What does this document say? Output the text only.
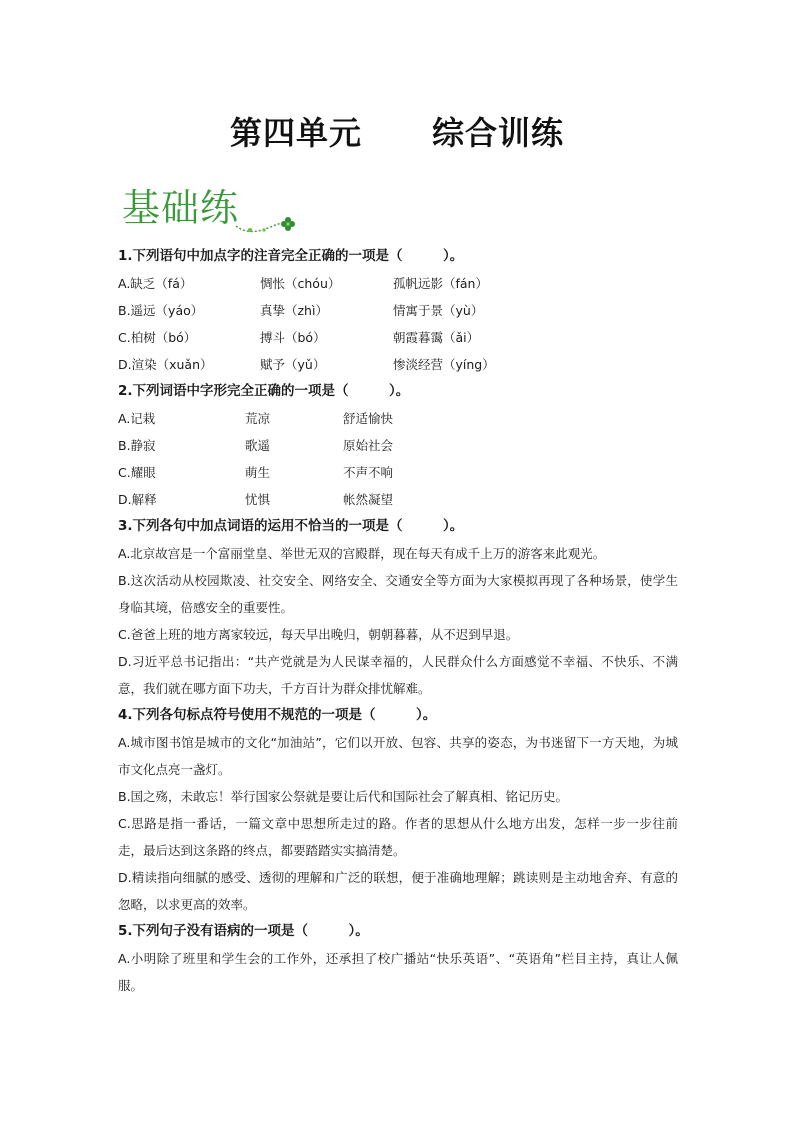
第四单元 综合训练
基础练
1.下列语句中加点字的注音完全正确的一项是（　　　）。
A.缺乏（fá）	惆怅（chóu）	孤帆远影（fán）
B.遥远（yáo）	真挚（zhì）	情寓于景（yù）
C.柏树（bó）	搏斗（bó）	朝霞暮霭（ǎi）
D.渲染（xuǎn）	赋予（yǔ）	惨淡经营（yíng）
2.下列词语中字形完全正确的一项是（　　　）。
A.记栽	荒凉	舒适愉快
B.静寂	歌遥	原始社会
C.耀眼	萌生	不声不响
D.解释	忧惧	帐然凝望
3.下列各句中加点词语的运用不恰当的一项是（　　　）。
A.北京故宫是一个富丽堂皇、举世无双的宫殿群，现在每天有成千上万的游客来此观光。
B.这次活动从校园欺凌、社交安全、网络安全、交通安全等方面为大家模拟再现了各种场景，使学生身临其境，倍感安全的重要性。
C.爸爸上班的地方离家较远，每天早出晚归，朝朝暮暮，从不迟到早退。
D.习近平总书记指出：“共产党就是为人民谋幸福的，人民群众什么方面感觉不幸福、不快乐、不满意，我们就在哪方面下功夫，千方百计为群众排忧解难。
4.下列各句标点符号使用不规范的一项是（　　　）。
A.城市图书馆是城市的文化“加油站”，它们以开放、包容、共享的姿态，为书迷留下一方天地，为城市文化点亮一盏灯。
B.国之殇，未敢忘！举行国家公祭就是要让后代和国际社会了解真相、铭记历史。
C.思路是指一番话，一篇文章中思想所走过的路。作者的思想从什么地方出发，怎样一步一步往前走，最后达到这条路的终点，都要踏踏实实搞清楚。
D.精读指向细腻的感受、透彻的理解和广泛的联想，便于准确地理解；跳读则是主动地舍弃、有意的忽略，以求更高的效率。
5.下列句子没有语病的一项是（　　　）。
A.小明除了班里和学生会的工作外，还承担了校广播站“快乐英语”、“英语角”栏目主持，真让人佩服。
